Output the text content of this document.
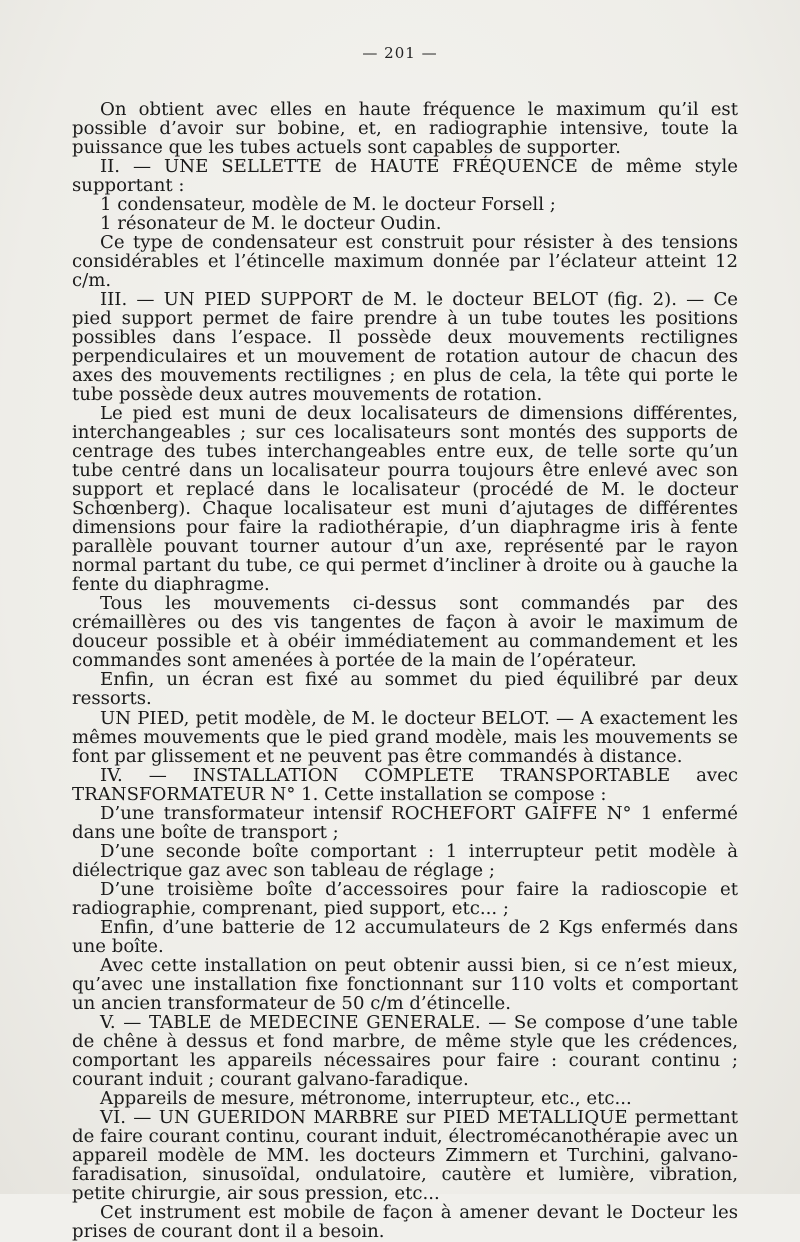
— 201 —

On obtient avec elles en haute fréquence le maximum qu’il est possible d’avoir sur bobine, et, en radiographie intensive, toute la puissance que les tubes actuels sont capables de supporter.

II. — UNE SELLETTE de HAUTE FRÉQUENCE de même style supportant :

1 condensateur, modèle de M. le docteur Forsell ;

1 résonateur de M. le docteur Oudin.

Ce type de condensateur est construit pour résister à des tensions considérables et l’étincelle maximum donnée par l’éclateur atteint 12 c/m.

III. — UN PIED SUPPORT de M. le docteur BELOT (fig. 2). — Ce pied support permet de faire prendre à un tube toutes les positions possibles dans l’espace. Il possède deux mouvements rectilignes perpendiculaires et un mouvement de rotation autour de chacun des axes des mouvements rectilignes ; en plus de cela, la tête qui porte le tube possède deux autres mouvements de rotation.

Le pied est muni de deux localisateurs de dimensions différentes, interchangeables ; sur ces localisateurs sont montés des supports de centrage des tubes interchangeables entre eux, de telle sorte qu’un tube centré dans un localisateur pourra toujours être enlevé avec son support et replacé dans le localisateur (procédé de M. le docteur Schœnberg). Chaque localisateur est muni d’ajutages de différentes dimensions pour faire la radiothérapie, d’un diaphragme iris à fente parallèle pouvant tourner autour d’un axe, représenté par le rayon normal partant du tube, ce qui permet d’incliner à droite ou à gauche la fente du diaphragme.

Tous les mouvements ci-dessus sont commandés par des crémaillères ou des vis tangentes de façon à avoir le maximum de douceur possible et à obéir immédiatement au commandement et les commandes sont amenées à portée de la main de l’opérateur.

Enfin, un écran est fixé au sommet du pied équilibré par deux ressorts.

UN PIED, petit modèle, de M. le docteur BELOT. — A exactement les mêmes mouvements que le pied grand modèle, mais les mouvements se font par glissement et ne peuvent pas être commandés à distance.

IV. — INSTALLATION COMPLETE TRANSPORTABLE avec TRANSFORMATEUR N° 1. Cette installation se compose :

D’une transformateur intensif ROCHEFORT GAIFFE N° 1 enfermé dans une boîte de transport ;

D’une seconde boîte comportant : 1 interrupteur petit modèle à diélectrique gaz avec son tableau de réglage ;

D’une troisième boîte d’accessoires pour faire la radioscopie et radiographie, comprenant, pied support, etc... ;

Enfin, d’une batterie de 12 accumulateurs de 2 Kgs enfermés dans une boîte.

Avec cette installation on peut obtenir aussi bien, si ce n’est mieux, qu’avec une installation fixe fonctionnant sur 110 volts et comportant un ancien transformateur de 50 c/m d’étincelle.

V. — TABLE de MEDECINE GENERALE. — Se compose d’une table de chêne à dessus et fond marbre, de même style que les crédences, comportant les appareils nécessaires pour faire : courant continu ; courant induit ; courant galvano-faradique.

Appareils de mesure, métronome, interrupteur, etc., etc...

VI. — UN GUERIDON MARBRE sur PIED METALLIQUE permettant de faire courant continu, courant induit, électromécanothérapie avec un appareil modèle de MM. les docteurs Zimmern et Turchini, galvano-faradisation, sinusoïdal, ondulatoire, cautère et lumière, vibration, petite chirurgie, air sous pression, etc...

Cet instrument est mobile de façon à amener devant le Docteur les prises de courant dont il a besoin.
